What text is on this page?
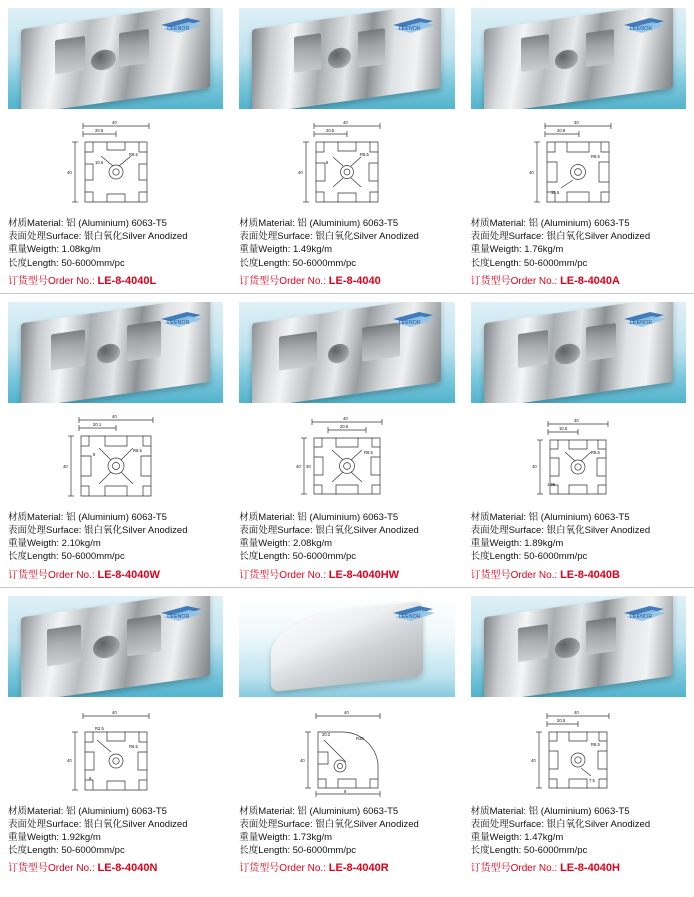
LEENOR
40
20.5
40
R8.5
10.6
材质Material: 铝 (Aluminium) 6063-T5
表面处理Surface: 银白氧化Silver Anodized
重量Weigth: 1.08kg/m
长度Length: 50-6000mm/pc
订货型号Order No.: LE-8-4040L
LEENOR
40
20.5
40
R8.5
8
材质Material: 铝 (Aluminium) 6063-T5
表面处理Surface: 银白氧化Silver Anodized
重量Weigth: 1.49kg/m
长度Length: 50-6000mm/pc
订货型号Order No.: LE-8-4040
LEENOR
40
20.8
40
R8.5
15.5
材质Material: 铝 (Aluminium) 6063-T5
表面处理Surface: 银白氧化Silver Anodized
重量Weigth: 1.76kg/m
长度Length: 50-6000mm/pc
订货型号Order No.: LE-8-4040A
LEENOR
40
20.1
40
R8.5
8
材质Material: 铝 (Aluminium) 6063-T5
表面处理Surface: 银白氧化Silver Anodized
重量Weigth: 2.10kg/m
长度Length: 50-6000mm/pc
订货型号Order No.: LE-8-4040W
LEENOR
40
20.5
40
R8.5
30
材质Material: 铝 (Aluminium) 6063-T5
表面处理Surface: 银白氧化Silver Anodized
重量Weigth: 2.08kg/m
长度Length: 50-6000mm/pc
订货型号Order No.: LE-8-4040HW
LEENOR
40
10.5
40
R8.5
1.95
材质Material: 铝 (Aluminium) 6063-T5
表面处理Surface: 银白氧化Silver Anodized
重量Weigth: 1.89kg/m
长度Length: 50-6000mm/pc
订货型号Order No.: LE-8-4040B
LEENOR
40
R2.5
40
R8.5
8
材质Material: 铝 (Aluminium) 6063-T5
表面处理Surface: 银白氧化Silver Anodized
重量Weigth: 1.92kg/m
长度Length: 50-6000mm/pc
订货型号Order No.: LE-8-4040N
LEENOR
40
20.2
40
R38
8
材质Material: 铝 (Aluminium) 6063-T5
表面处理Surface: 银白氧化Silver Anodized
重量Weigth: 1.73kg/m
长度Length: 50-6000mm/pc
订货型号Order No.: LE-8-4040R
LEENOR
40
20.5
40
R8.5
7.5
材质Material: 铝 (Aluminium) 6063-T5
表面处理Surface: 银白氧化Silver Anodized
重量Weigth: 1.47kg/m
长度Length: 50-6000mm/pc
订货型号Order No.: LE-8-4040H
